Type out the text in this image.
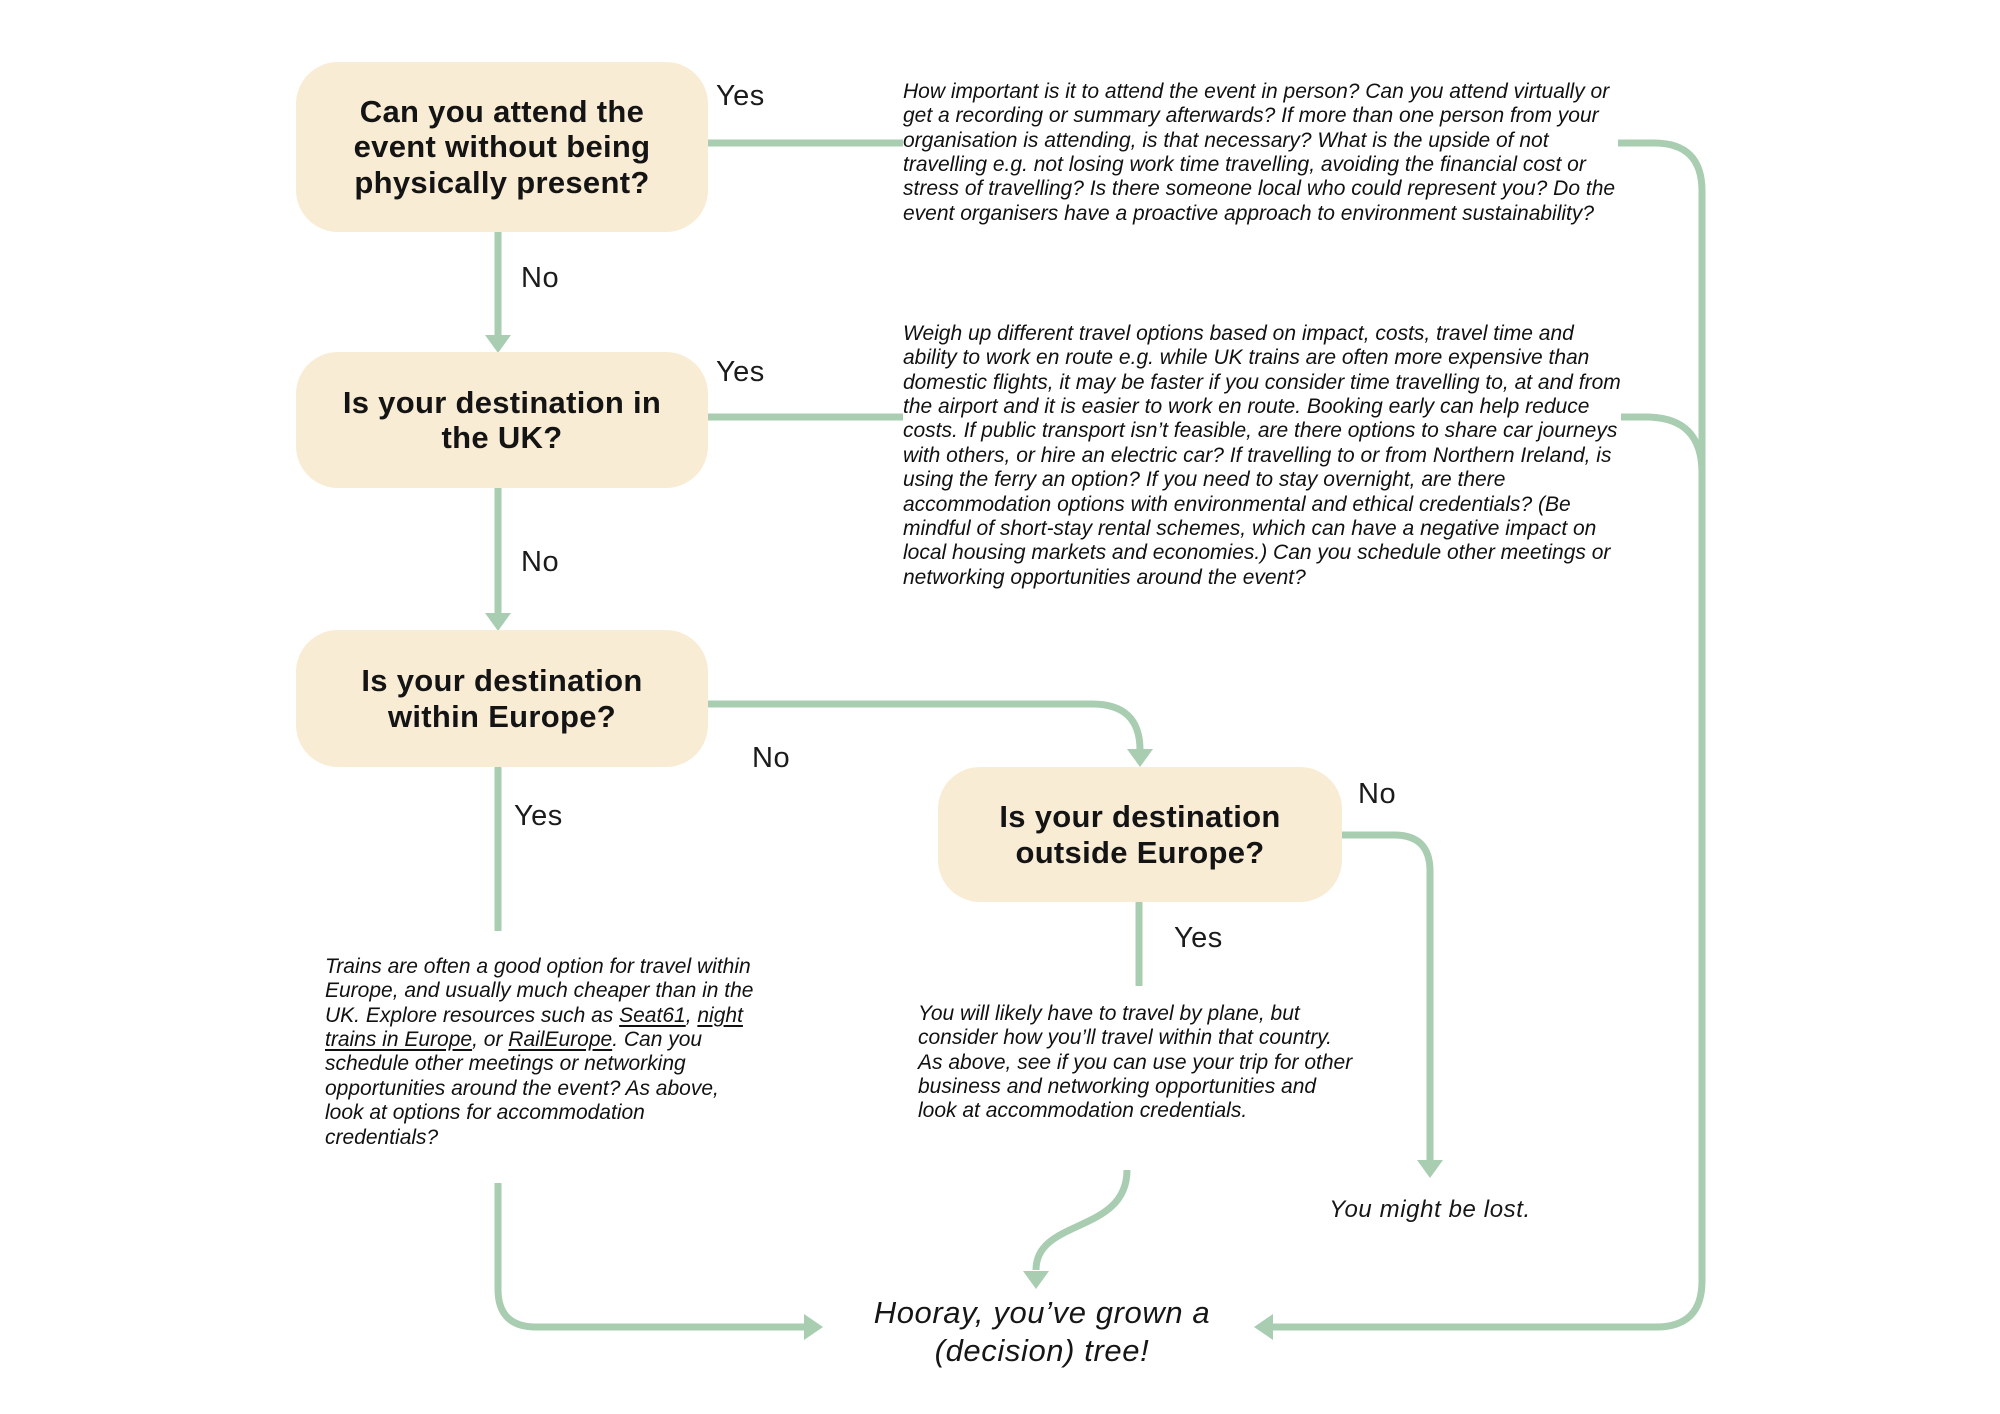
Can you attend the event without being physically present?
Is your destination in the UK?
Is your destination within Europe?
Is your destination outside Europe?
Yes
No
Yes
No
No
Yes
No
Yes
How important is it to attend the event in person? Can you attend virtually or get a recording or summary afterwards? If more than one person from your organisation is attending, is that necessary? What is the upside of not travelling e.g. not losing work time travelling, avoiding the financial cost or stress of travelling? Is there someone local who could represent you? Do the event organisers have a proactive approach to environment sustainability?
Weigh up different travel options based on impact, costs, travel time and ability to work en route e.g. while UK trains are often more expensive than domestic flights, it may be faster if you consider time travelling to, at and from the airport and it is easier to work en route. Booking early can help reduce costs. If public transport isn’t feasible, are there options to share car journeys with others, or hire an electric car? If travelling to or from Northern Ireland, is using the ferry an option? If you need to stay overnight, are there accommodation options with environmental and ethical credentials? (Be mindful of short-stay rental schemes, which can have a negative impact on local housing markets and economies.) Can you schedule other meetings or networking opportunities around the event?
Trains are often a good option for travel within Europe, and usually much cheaper than in the UK. Explore resources such as Seat61, night trains in Europe, or RailEurope. Can you schedule other meetings or networking opportunities around the event? As above, look at options for accommodation credentials?
You will likely have to travel by plane, but consider how you’ll travel within that country. As above, see if you can use your trip for other business and networking opportunities and look at accommodation credentials.
You might be lost.
Hooray, you’ve grown a
(decision) tree!
